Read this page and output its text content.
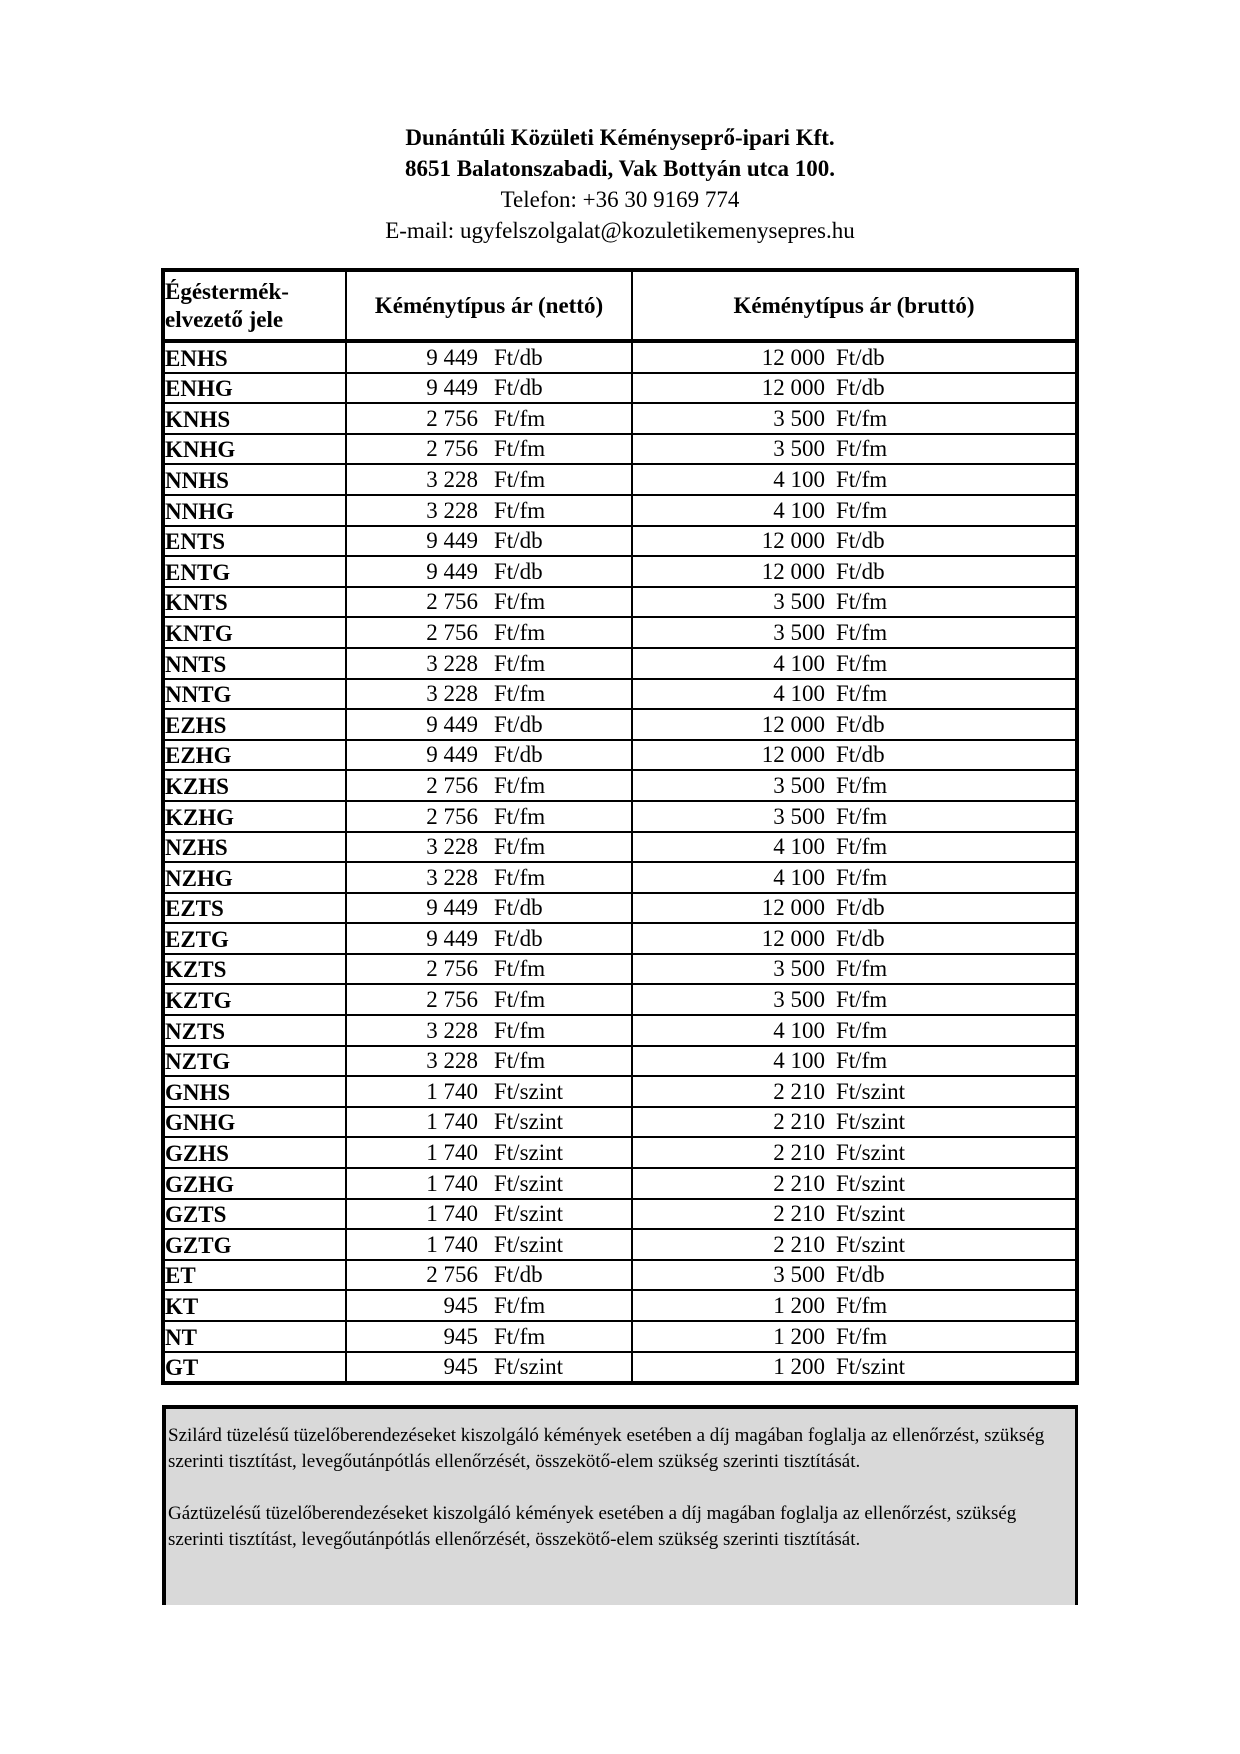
Dunántúli Közületi Kéményseprő-ipari Kft.
8651 Balatonszabadi, Vak Bottyán utca 100.
Telefon: +36 30 9169 774
E-mail: ugyfelszolgalat@kozuletikemenysepres.hu
Égéstermék-
elvezető jele	Kéménytípus ár (nettó)	Kéménytípus ár (bruttó)
ENHS	9 449 Ft/db	12 000 Ft/db

ENHG	9 449 Ft/db	12 000 Ft/db

KNHS	2 756 Ft/fm	3 500 Ft/fm

KNHG	2 756 Ft/fm	3 500 Ft/fm

NNHS	3 228 Ft/fm	4 100 Ft/fm

NNHG	3 228 Ft/fm	4 100 Ft/fm

ENTS	9 449 Ft/db	12 000 Ft/db

ENTG	9 449 Ft/db	12 000 Ft/db

KNTS	2 756 Ft/fm	3 500 Ft/fm

KNTG	2 756 Ft/fm	3 500 Ft/fm

NNTS	3 228 Ft/fm	4 100 Ft/fm

NNTG	3 228 Ft/fm	4 100 Ft/fm

EZHS	9 449 Ft/db	12 000 Ft/db

EZHG	9 449 Ft/db	12 000 Ft/db

KZHS	2 756 Ft/fm	3 500 Ft/fm

KZHG	2 756 Ft/fm	3 500 Ft/fm

NZHS	3 228 Ft/fm	4 100 Ft/fm

NZHG	3 228 Ft/fm	4 100 Ft/fm

EZTS	9 449 Ft/db	12 000 Ft/db

EZTG	9 449 Ft/db	12 000 Ft/db

KZTS	2 756 Ft/fm	3 500 Ft/fm

KZTG	2 756 Ft/fm	3 500 Ft/fm

NZTS	3 228 Ft/fm	4 100 Ft/fm

NZTG	3 228 Ft/fm	4 100 Ft/fm

GNHS	1 740 Ft/szint	2 210 Ft/szint

GNHG	1 740 Ft/szint	2 210 Ft/szint

GZHS	1 740 Ft/szint	2 210 Ft/szint

GZHG	1 740 Ft/szint	2 210 Ft/szint

GZTS	1 740 Ft/szint	2 210 Ft/szint

GZTG	1 740 Ft/szint	2 210 Ft/szint

ET	2 756 Ft/db	3 500 Ft/db

KT	945 Ft/fm	1 200 Ft/fm

NT	945 Ft/fm	1 200 Ft/fm

GT	945 Ft/szint	1 200 Ft/szint

Szilárd tüzelésű tüzelőberendezéseket kiszolgáló kémények esetében a díj magában foglalja az ellenőrzést, szükség szerinti tisztítást, levegőutánpótlás ellenőrzését, összekötő-elem szükség szerinti tisztítását.

Gáztüzelésű tüzelőberendezéseket kiszolgáló kémények esetében a díj magában foglalja az ellenőrzést, szükség szerinti tisztítást, levegőutánpótlás ellenőrzését, összekötő-elem szükség szerinti tisztítását.
